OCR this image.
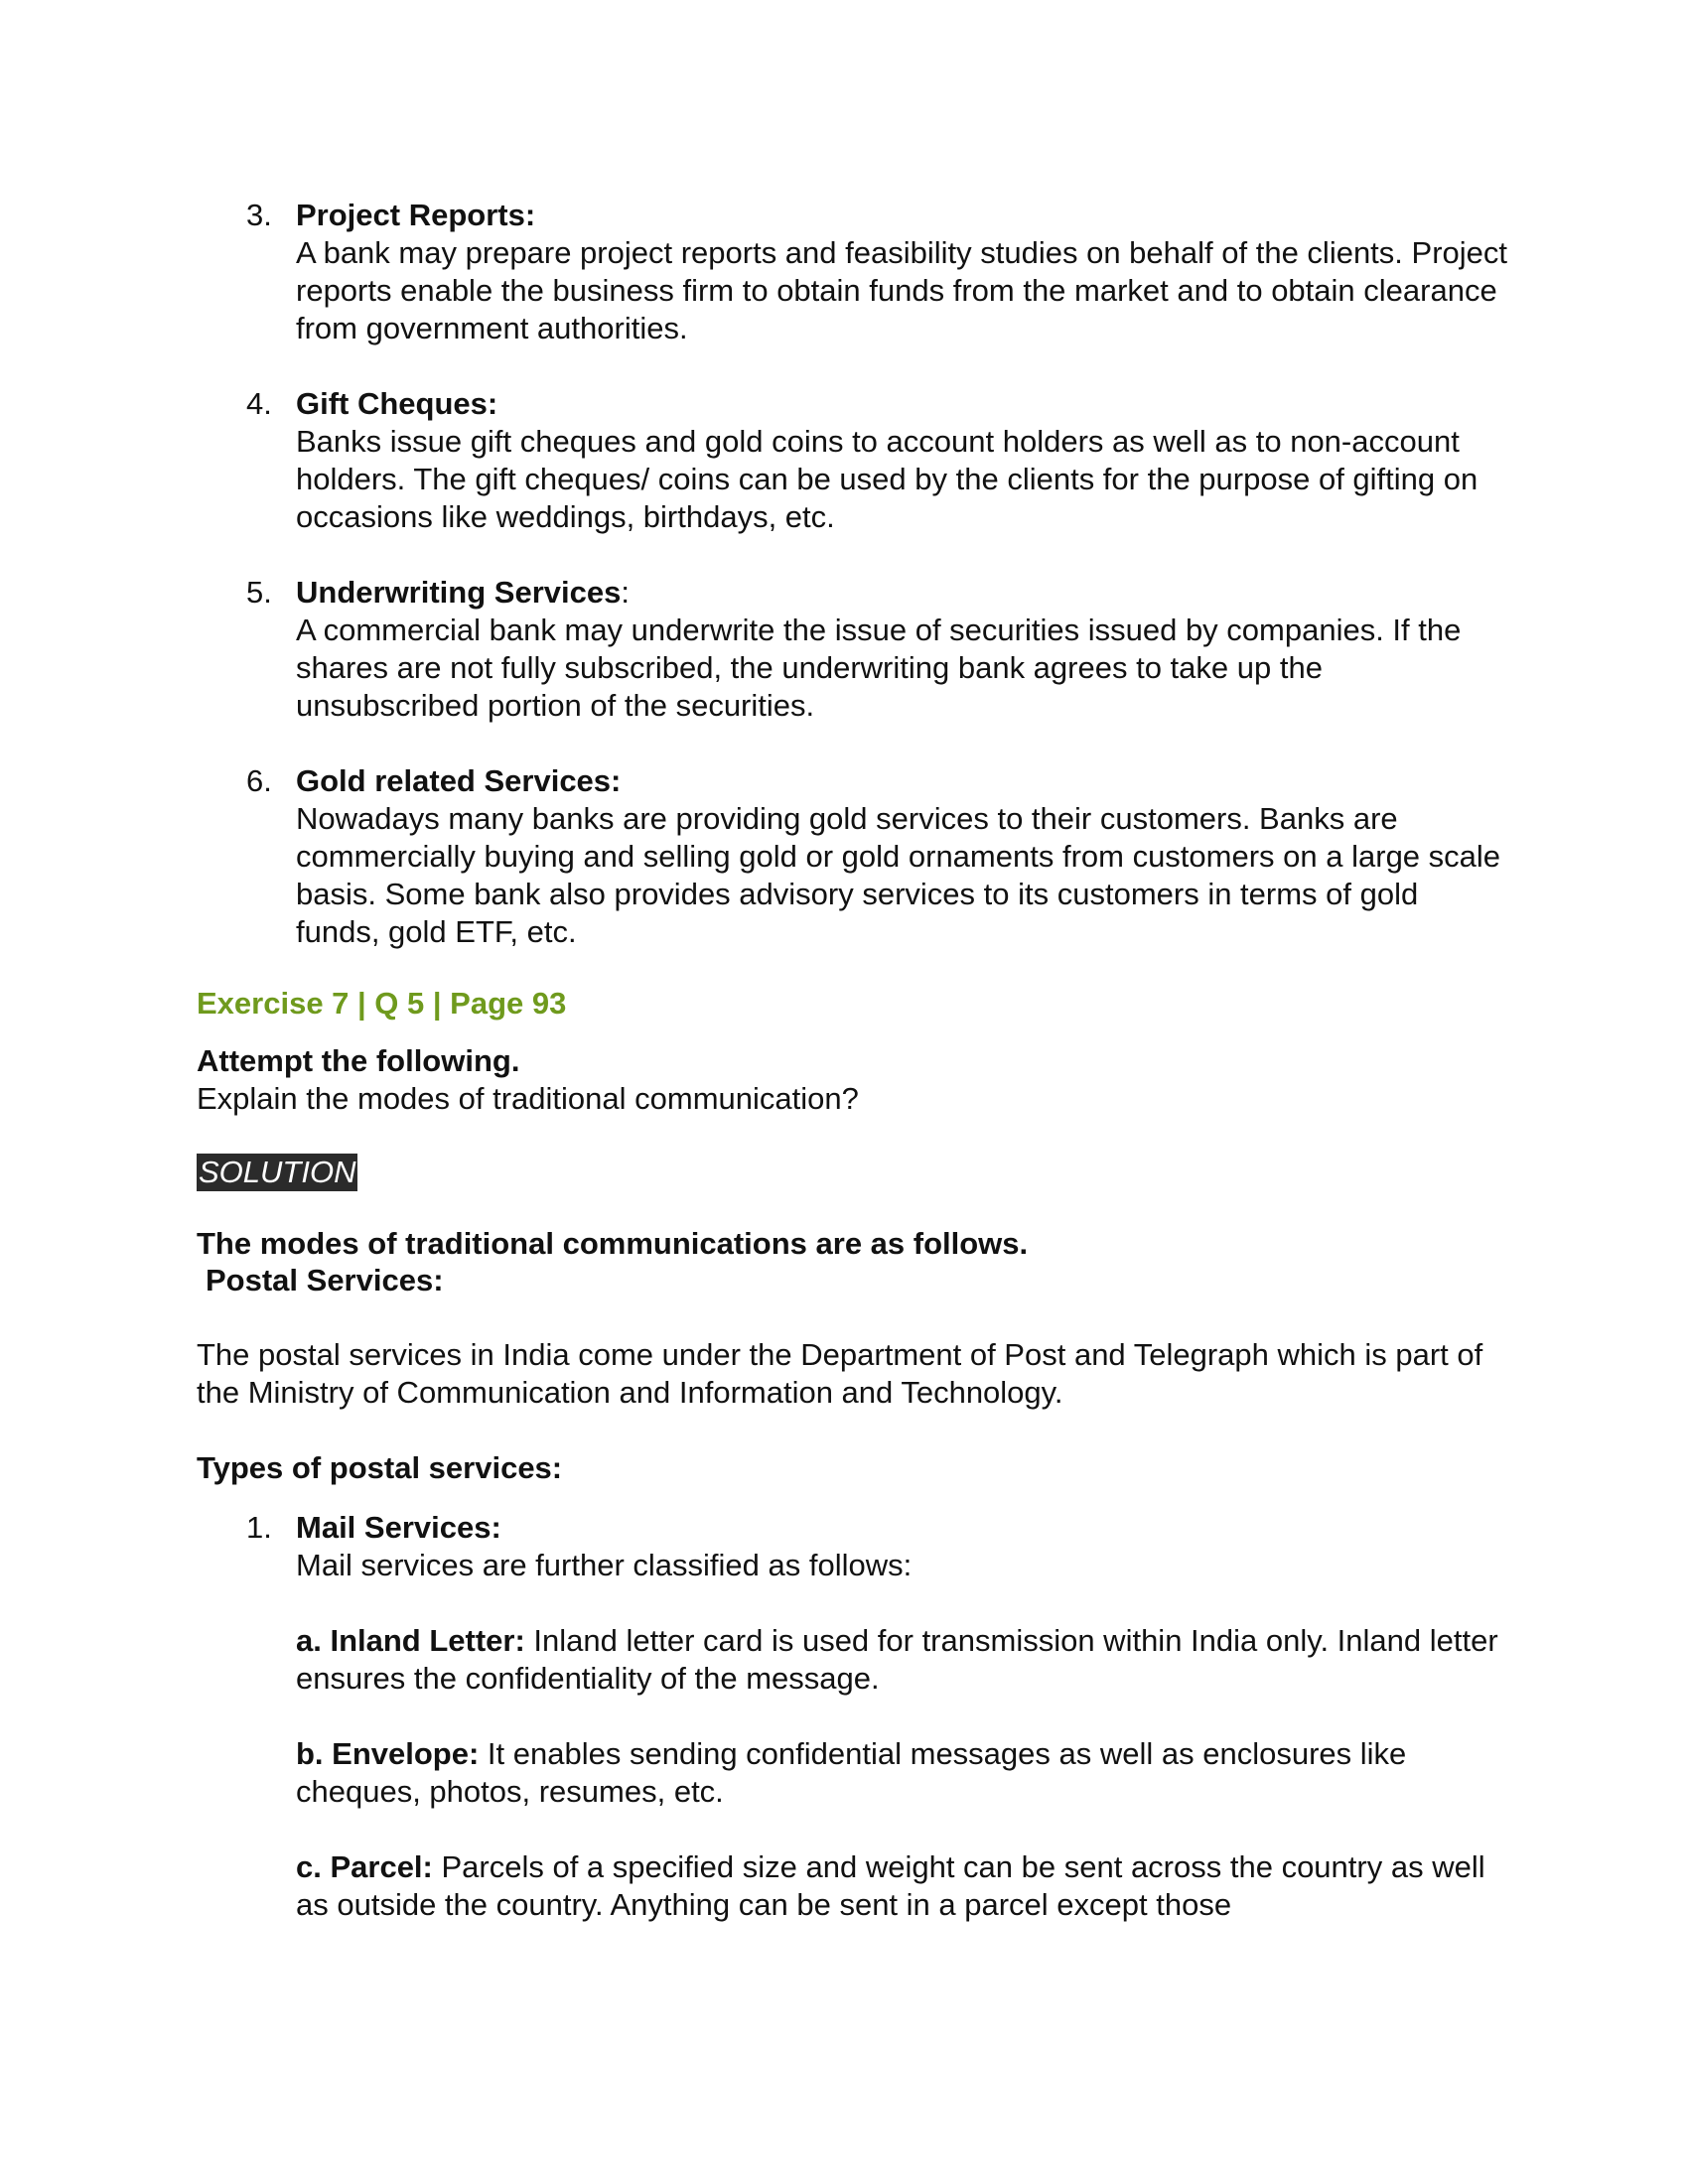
3. Project Reports:

A bank may prepare project reports and feasibility studies on behalf of the clients. Project reports enable the business firm to obtain funds from the market and to obtain clearance from government authorities.

4. Gift Cheques:

Banks issue gift cheques and gold coins to account holders as well as to non-account holders. The gift cheques/ coins can be used by the clients for the purpose of gifting on occasions like weddings, birthdays, etc.

5. Underwriting Services:

A commercial bank may underwrite the issue of securities issued by companies. If the shares are not fully subscribed, the underwriting bank agrees to take up the unsubscribed portion of the securities.

6. Gold related Services:

Nowadays many banks are providing gold services to their customers. Banks are commercially buying and selling gold or gold ornaments from customers on a large scale basis. Some bank also provides advisory services to its customers in terms of gold funds, gold ETF, etc.

Exercise 7 | Q 5 | Page 93

Attempt the following.

Explain the modes of traditional communication?

SOLUTION

The modes of traditional communications are as follows.

Postal Services:

The postal services in India come under the Department of Post and Telegraph which is part of the Ministry of Communication and Information and Technology.

Types of postal services:

1. Mail Services:

Mail services are further classified as follows:

a. Inland Letter: Inland letter card is used for transmission within India only. Inland letter ensures the confidentiality of the message.

b. Envelope: It enables sending confidential messages as well as enclosures like cheques, photos, resumes, etc.

c. Parcel: Parcels of a specified size and weight can be sent across the country as well as outside the country. Anything can be sent in a parcel except those
